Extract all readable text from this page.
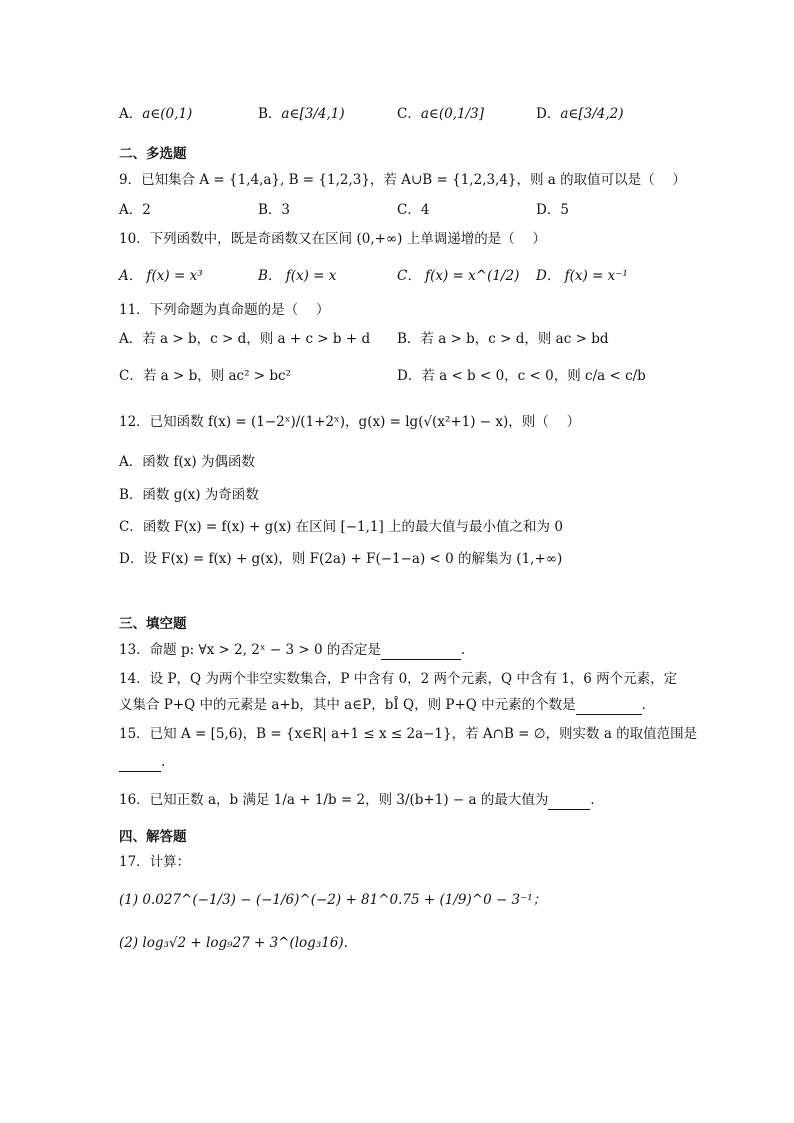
A．a∈(0,1)	B．a∈[3/4,1)	C．a∈(0,1/3]	D．a∈[3/4,2)
二、多选题
9．已知集合 A = {1,4,a}, B = {1,2,3}，若 A∪B = {1,2,3,4}，则 a 的取值可以是（　 ）
A．2	B．3	C．4	D．5
10．下列函数中，既是奇函数又在区间 (0,+∞) 上单调递增的是（　 ）
A． f(x) = x³	B． f(x) = x	C． f(x) = x^(1/2) D． f(x) = x⁻¹
11．下列命题为真命题的是（　 ）
A．若 a > b，c > d，则 a + c > b + d B．若 a > b，c > d，则 ac > bd
C．若 a > b，则 ac² > bc²	D．若 a < b < 0，c < 0，则 c/a < c/b
12．已知函数 f(x) = (1−2ˣ)/(1+2ˣ)，g(x) = lg(√(x²+1) − x)，则（　 ）
A．函数 f(x) 为偶函数
B．函数 g(x) 为奇函数
C．函数 F(x) = f(x) + g(x) 在区间 [−1,1] 上的最大值与最小值之和为 0
D．设 F(x) = f(x) + g(x)，则 F(2a) + F(−1−a) < 0 的解集为 (1,+∞)
三、填空题
13．命题 p: ∀x > 2, 2ˣ − 3 > 0 的否定是	.
14．设 P，Q 为两个非空实数集合，P 中含有 0，2 两个元素，Q 中含有 1，6 两个元素，定
义集合 P+Q 中的元素是 a+b，其中 a∈P，bÎ Q，则 P+Q 中元素的个数是	．
15．已知 A = [5,6)，B = {x∈R| a+1 ≤ x ≤ 2a−1}，若 A∩B = ∅，则实数 a 的取值范围是
.
16．已知正数 a，b 满足 1/a + 1/b = 2，则 3/(b+1) − a 的最大值为	．
四、解答题
17．计算：
(1) 0.027^(−1/3) − (−1/6)^(−2) + 81^0.75 + (1/9)^0 − 3⁻¹；
(2) log₃√2 + log₉27 + 3^(log₃16).
